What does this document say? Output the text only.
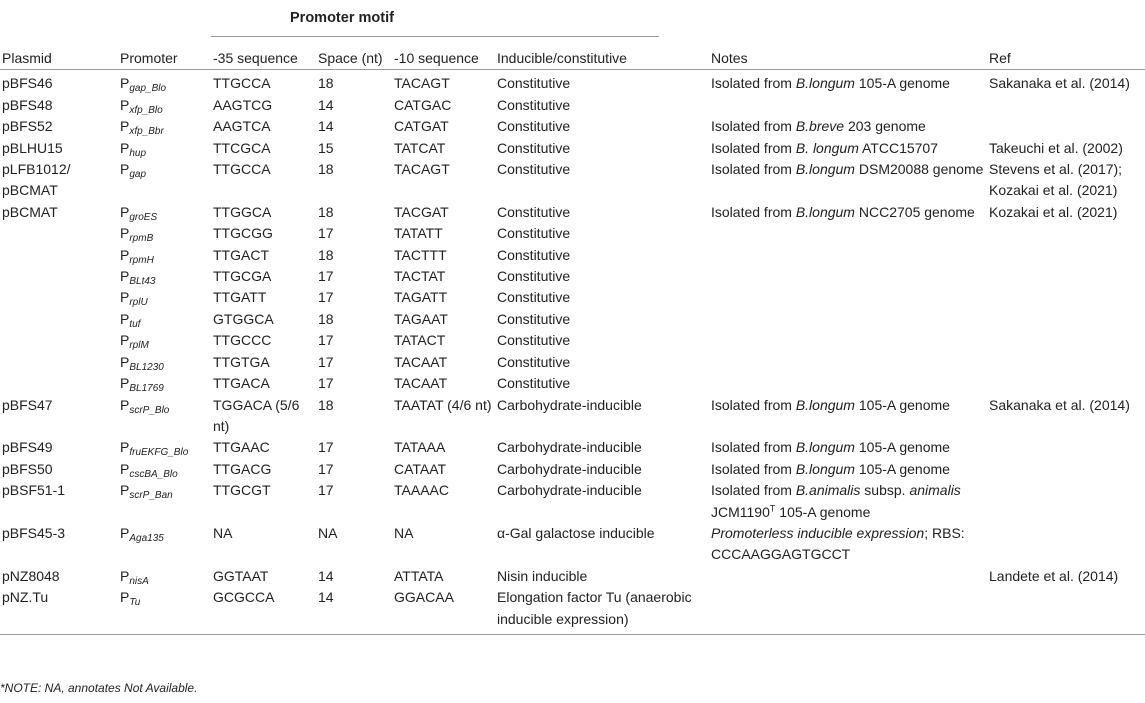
Promoter motif
Plasmid	Promoter	-35 sequence	Space (nt)	-10 sequence	Inducible/constitutive	Notes	Ref
pBFS46	$P_{gap\_Blo}$	TTGCCA	18	TACAGT	Constitutive	Isolated from B.longum 105-A genome	Sakanaka et al. (2014)
pBFS48	$P_{xfp\_Blo}$	AAGTCG	14	CATGAC	Constitutive		
pBFS52	$P_{xfp\_Bbr}$	AAGTCA	14	CATGAT	Constitutive	Isolated from B.breve 203 genome	
pBLHU15	$P_{hup}$	TTCGCA	15	TATCAT	Constitutive	Isolated from B. longum ATCC15707	Takeuchi et al. (2002)
pLFB1012/ pBCMAT	$P_{gap}$	TTGCCA	18	TACAGT	Constitutive	Isolated from B.longum DSM20088 genome	Stevens et al. (2017); Kozakai et al. (2021)
pBCMAT	$P_{groES}$	TTGGCA	18	TACGAT	Constitutive	Isolated from B.longum NCC2705 genome	Kozakai et al. (2021)
	$P_{rpmB}$	TTGCGG	17	TATATT	Constitutive		
	$P_{rpmH}$	TTGACT	18	TACTTT	Constitutive		
	$P_{BLt43}$	TTGCGA	17	TACTAT	Constitutive		
	$P_{rplU}$	TTGATT	17	TAGATT	Constitutive		
	$P_{tuf}$	GTGGCA	18	TAGAAT	Constitutive		
	$P_{rplM}$	TTGCCC	17	TATACT	Constitutive		
	$P_{BL1230}$	TTGTGA	17	TACAAT	Constitutive		
	$P_{BL1769}$	TTGACA	17	TACAAT	Constitutive		
pBFS47	$P_{scrP\_Blo}$	TGGACA (5/6 nt)	18	TAATAT (4/6 nt)	Carbohydrate-inducible	Isolated from B.longum 105-A genome	Sakanaka et al. (2014)
pBFS49	$P_{fruEKFG\_Blo}$	TTGAAC	17	TATAAA	Carbohydrate-inducible	Isolated from B.longum 105-A genome	
pBFS50	$P_{cscBA\_Blo}$	TTGACG	17	CATAAT	Carbohydrate-inducible	Isolated from B.longum 105-A genome	
pBSF51-1	$P_{scrP\_Ban}$	TTGCGT	17	TAAAAC	Carbohydrate-inducible	Isolated from B.animalis subsp. animalis $JCM1190^T$ 105-A genome	
pBFS45-3	$P_{Aga135}$	NA	NA	NA	α-Gal galactose inducible	Promoterless inducible expression; RBS: CCCAAGGAGTGCCT	
pNZ8048	$P_{nisA}$	GGTAAT	14	ATTATA	Nisin inducible		Landete et al. (2014)
pNZ.Tu	$P_{Tu}$	GCGCCA	14	GGACAA	Elongation factor Tu (anaerobic inducible expression)		
*NOTE: NA, annotates Not Available.
